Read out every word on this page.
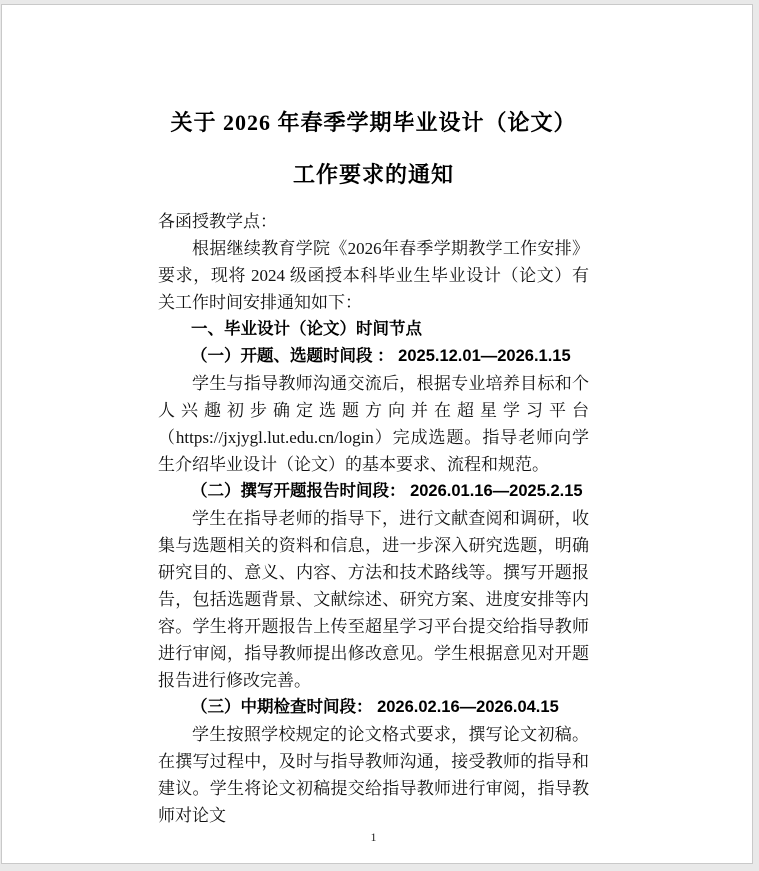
关于 2026 年春季学期毕业设计（论文）
工作要求的通知

各函授教学点：

根据继续教育学院《2026年春季学期教学工作安排》要求，现将 2024 级函授本科毕业生毕业设计（论文）有关工作时间安排通知如下：

一、毕业设计（论文）时间节点

（一）开题、选题时间段 ： 2025.12.01—2026.1.15

学生与指导教师沟通交流后，根据专业培养目标和个人兴趣初步确定选题方向并在超星学习平台（https://jxjygl.lut.edu.cn/login）完成选题。指导老师向学生介绍毕业设计（论文）的基本要求、流程和规范。

（二）撰写开题报告时间段： 2026.01.16—2025.2.15

学生在指导老师的指导下，进行文献查阅和调研，收集与选题相关的资料和信息，进一步深入研究选题，明确研究目的、意义、内容、方法和技术路线等。撰写开题报告，包括选题背景、文献综述、研究方案、进度安排等内容。学生将开题报告上传至超星学习平台提交给指导教师进行审阅，指导教师提出修改意见。学生根据意见对开题报告进行修改完善。

（三）中期检查时间段： 2026.02.16—2026.04.15

学生按照学校规定的论文格式要求，撰写论文初稿。在撰写过程中，及时与指导教师沟通，接受教师的指导和建议。学生将论文初稿提交给指导教师进行审阅，指导教师对论文

1
